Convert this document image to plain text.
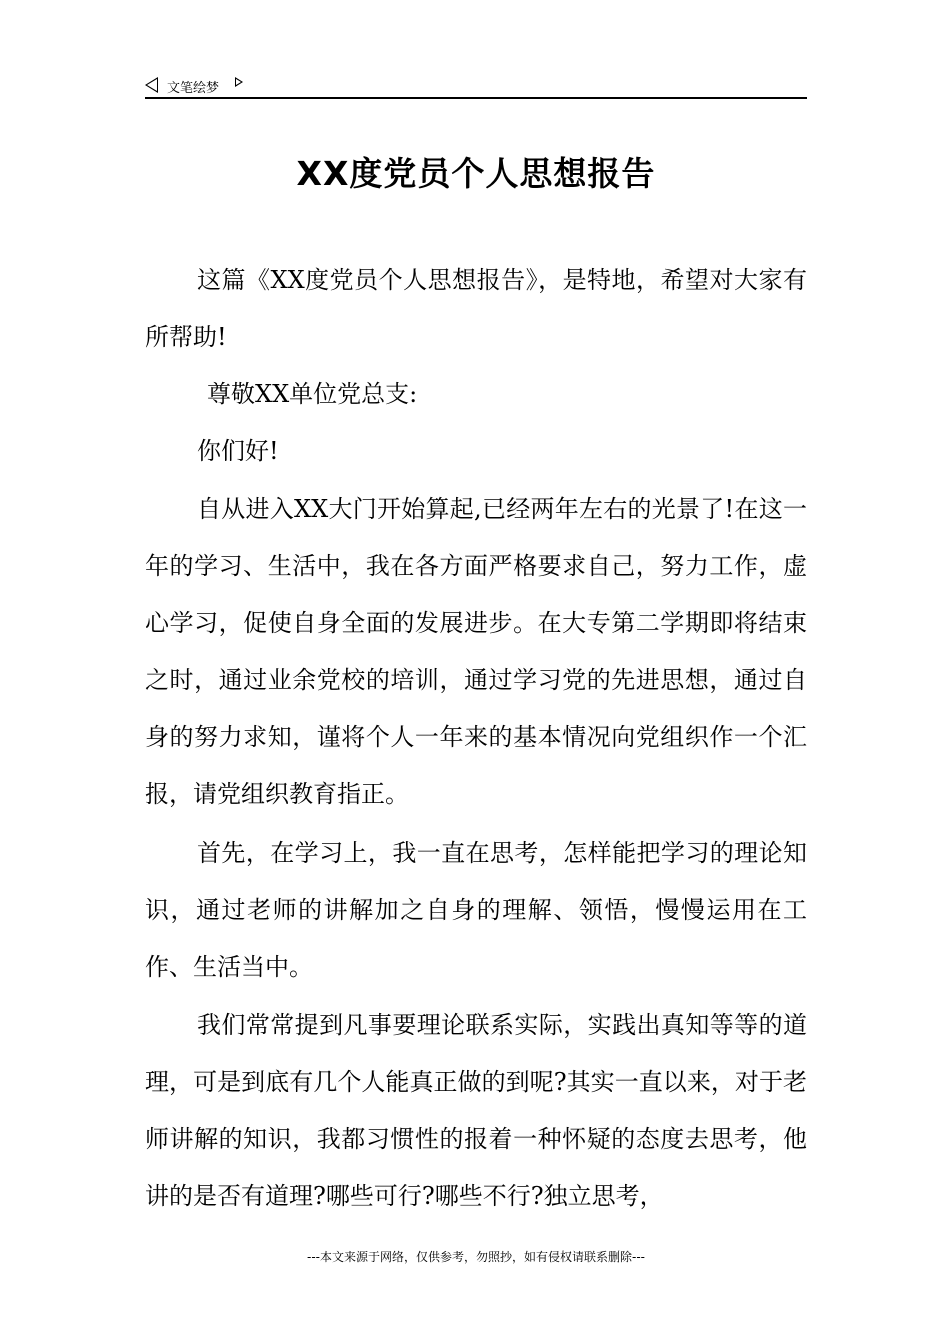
文笔绘梦
XX度党员个人思想报告

这篇《XX度党员个人思想报告》，是特地，希望对大家有所帮助!

尊敬XX单位党总支:

你们好!

自从进入XX大门开始算起,已经两年左右的光景了!在这一年的学习、生活中，我在各方面严格要求自己，努力工作，虚心学习，促使自身全面的发展进步。在大专第二学期即将结束之时，通过业余党校的培训，通过学习党的先进思想，通过自身的努力求知，谨将个人一年来的基本情况向党组织作一个汇报，请党组织教育指正。

首先，在学习上，我一直在思考，怎样能把学习的理论知识，通过老师的讲解加之自身的理解、领悟，慢慢运用在工作、生活当中。

我们常常提到凡事要理论联系实际，实践出真知等等的道理，可是到底有几个人能真正做的到呢?其实一直以来，对于老师讲解的知识，我都习惯性的报着一种怀疑的态度去思考，他讲的是否有道理?哪些可行?哪些不行?独立思考，

---本文来源于网络，仅供参考，勿照抄，如有侵权请联系删除---
